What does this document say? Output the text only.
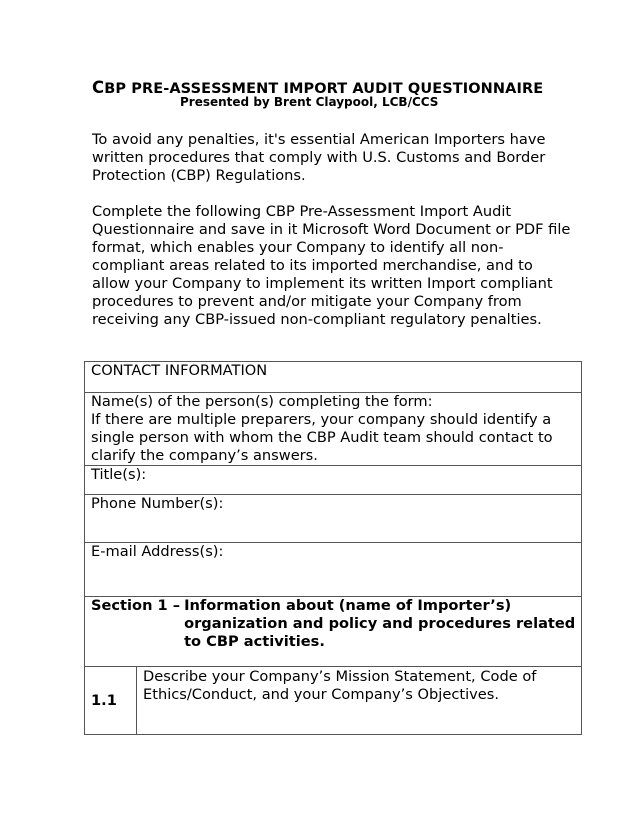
CBP PRE-ASSESSMENT IMPORT AUDIT QUESTIONNAIRE
Presented by Brent Claypool, LCB/CCS

To avoid any penalties, it's essential American Importers have written procedures that comply with U.S. Customs and Border Protection (CBP) Regulations.

Complete the following CBP Pre-Assessment Import Audit Questionnaire and save in it Microsoft Word Document or PDF file format, which enables your Company to identify all non-compliant areas related to its imported merchandise, and to allow your Company to implement its written Import compliant procedures to prevent and/or mitigate your Company from receiving any CBP-issued non-compliant regulatory penalties.

CONTACT INFORMATION

Name(s) of the person(s) completing the form:
If there are multiple preparers, your company should identify a single person with whom the CBP Audit team should contact to clarify the company’s answers.

Title(s):
Phone Number(s):
E-mail Address(s):

Section 1 – Information about (name of Importer’s) organization and policy and procedures related to CBP activities.

1.1	Describe your Company’s Mission Statement, Code of Ethics/Conduct, and your Company’s Objectives.
